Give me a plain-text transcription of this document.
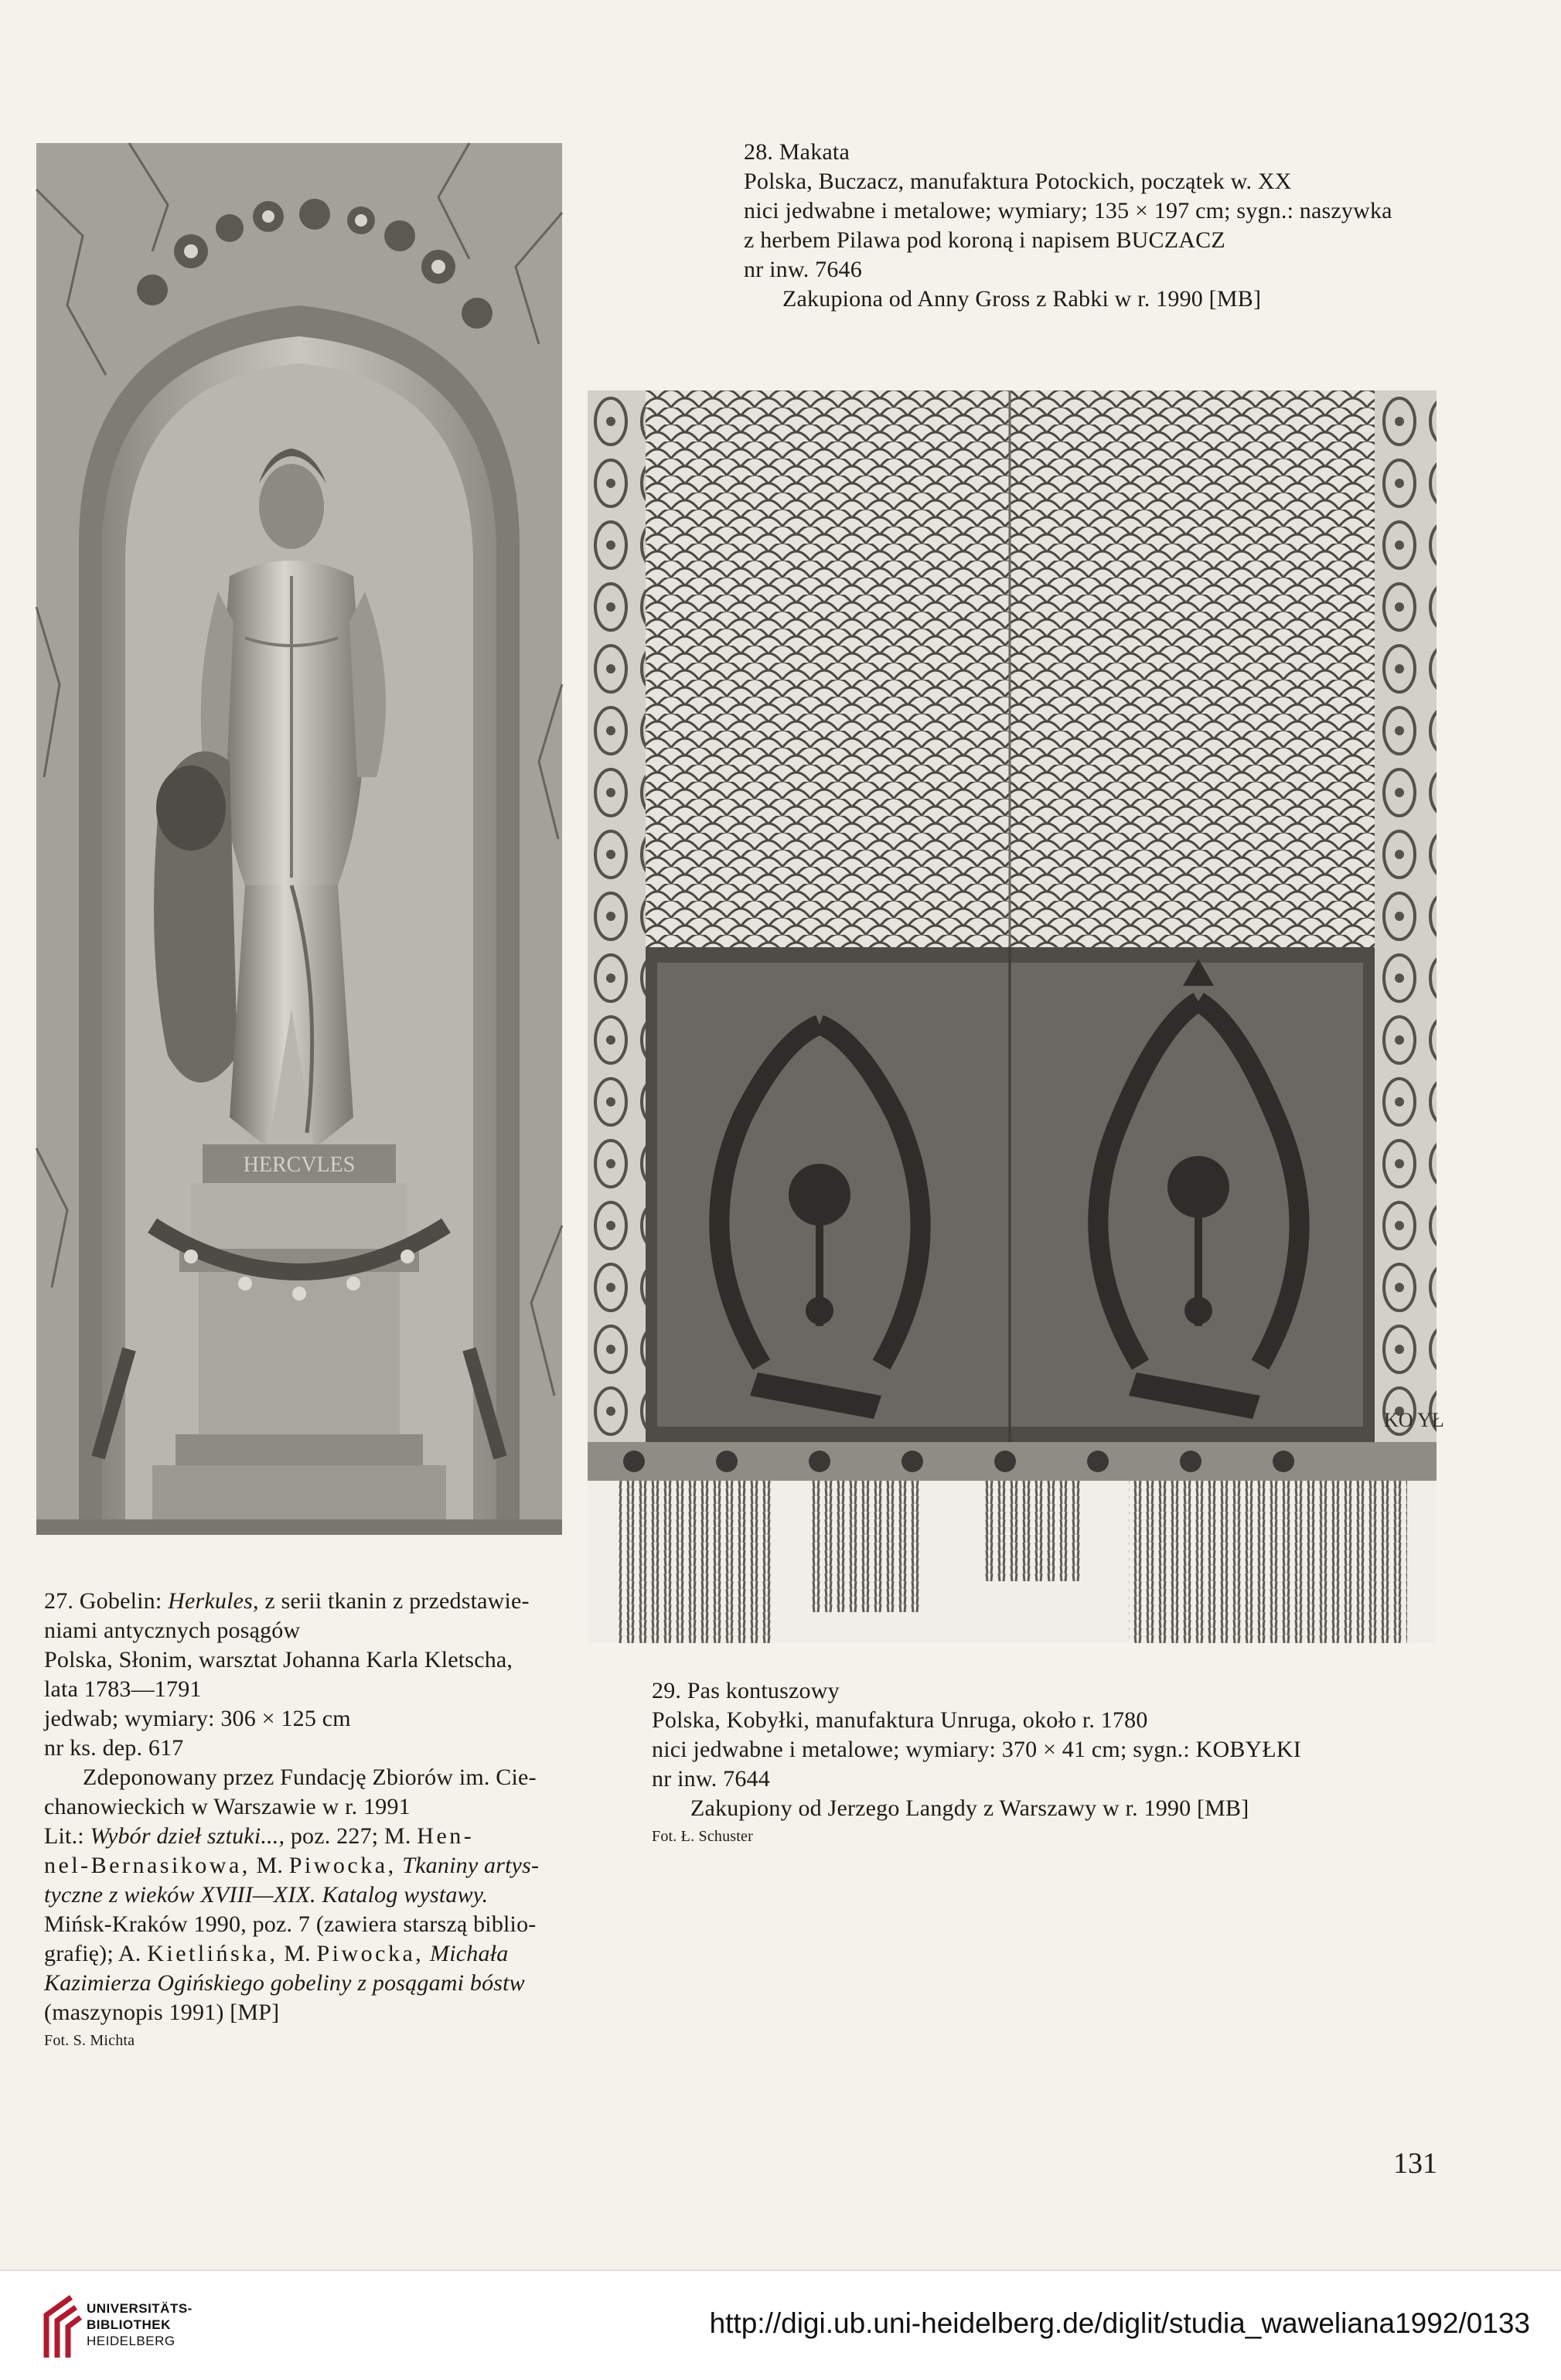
HERCVLES

28. Makata

Polska, Buczacz, manufaktura Potockich, początek w. XX

nici jedwabne i metalowe; wymiary; 135 × 197 cm; sygn.: naszywka

z herbem Pilawa pod koroną i napisem BUCZACZ

nr inw. 7646

Zakupiona od Anny Gross z Rabki w r. 1990 [MB]

KO YŁ

27. Gobelin: Herkules, z serii tkanin z przedstawie-

niami antycznych posągów

Polska, Słonim, warsztat Johanna Karla Kletscha,

lata 1783—1791

jedwab; wymiary: 306 × 125 cm

nr ks. dep. 617

Zdeponowany przez Fundację Zbiorów im. Cie-

chanowieckich w Warszawie w r. 1991

Lit.: Wybór dzieł sztuki..., poz. 227; M. Hen-

nel-Bernasikowa, M. Piwocka, Tkaniny artys-

tyczne z wieków XVIII—XIX. Katalog wystawy.

Mińsk-Kraków 1990, poz. 7 (zawiera starszą biblio-

grafię); A. Kietlińska, M. Piwocka, Michała

Kazimierza Ogińskiego gobeliny z posągami bóstw

(maszynopis 1991) [MP]

Fot. S. Michta

29. Pas kontuszowy

Polska, Kobyłki, manufaktura Unruga, około r. 1780

nici jedwabne i metalowe; wymiary: 370 × 41 cm; sygn.: KOBYŁKI

nr inw. 7644

Zakupiony od Jerzego Langdy z Warszawy w r. 1990 [MB]

Fot. Ł. Schuster

131
UNIVERSITÄTS-
BIBLIOTHEK
HEIDELBERG
http://digi.ub.uni-heidelberg.de/diglit/studia_waweliana1992/0133
